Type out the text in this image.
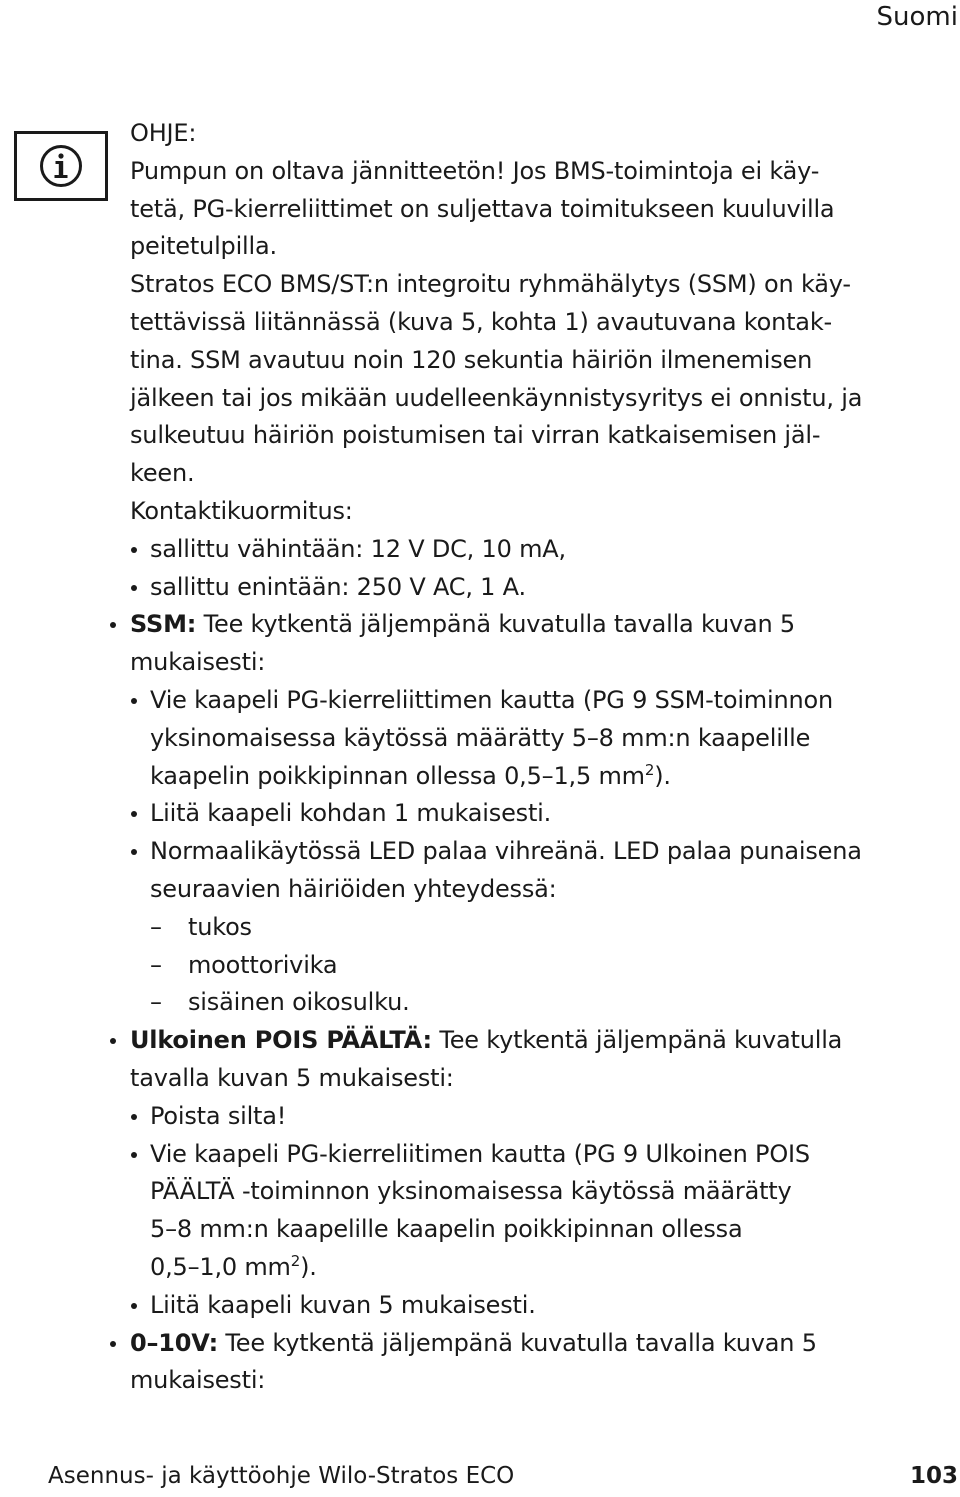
Suomi
OHJE:
Pumpun on oltava jännitteetön! Jos BMS-toimintoja ei käy-
tetä, PG-kierreliittimet on suljettava toimitukseen kuuluvilla
peitetulpilla.
Stratos ECO BMS/ST:n integroitu ryhmähälytys (SSM) on käy-
tettävissä liitännässä (kuva 5, kohta 1) avautuvana kontak-
tina. SSM avautuu noin 120 sekuntia häiriön ilmenemisen
jälkeen tai jos mikään uudelleenkäynnistysyritys ei onnistu, ja
sulkeutuu häiriön poistumisen tai virran katkaisemisen jäl-
keen.
Kontaktikuormitus:
sallittu vähintään: 12 V DC, 10 mA,
sallittu enintään: 250 V AC, 1 A.
SSM: Tee kytkentä jäljempänä kuvatulla tavalla kuvan 5
mukaisesti:
Vie kaapeli PG-kierreliittimen kautta (PG 9 SSM-toiminnon
yksinomaisessa käytössä määrätty 5–8 mm:n kaapelille
kaapelin poikkipinnan ollessa 0,5–1,5 $mm^2$).
Liitä kaapeli kohdan 1 mukaisesti.
Normaalikäytössä LED palaa vihreänä. LED palaa punaisena
seuraavien häiriöiden yhteydessä:
– tukos
– moottorivika
– sisäinen oikosulku.
Ulkoinen POIS PÄÄLTÄ: Tee kytkentä jäljempänä kuvatulla
tavalla kuvan 5 mukaisesti:
Poista silta!
Vie kaapeli PG-kierreliitimen kautta (PG 9 Ulkoinen POIS
PÄÄLTÄ -toiminnon yksinomaisessa käytössä määrätty
5–8 mm:n kaapelille kaapelin poikkipinnan ollessa
0,5–1,0 $mm^2$).
Liitä kaapeli kuvan 5 mukaisesti.
0–10V: Tee kytkentä jäljempänä kuvatulla tavalla kuvan 5
mukaisesti:
Asennus- ja käyttöohje Wilo-Stratos ECO	103
